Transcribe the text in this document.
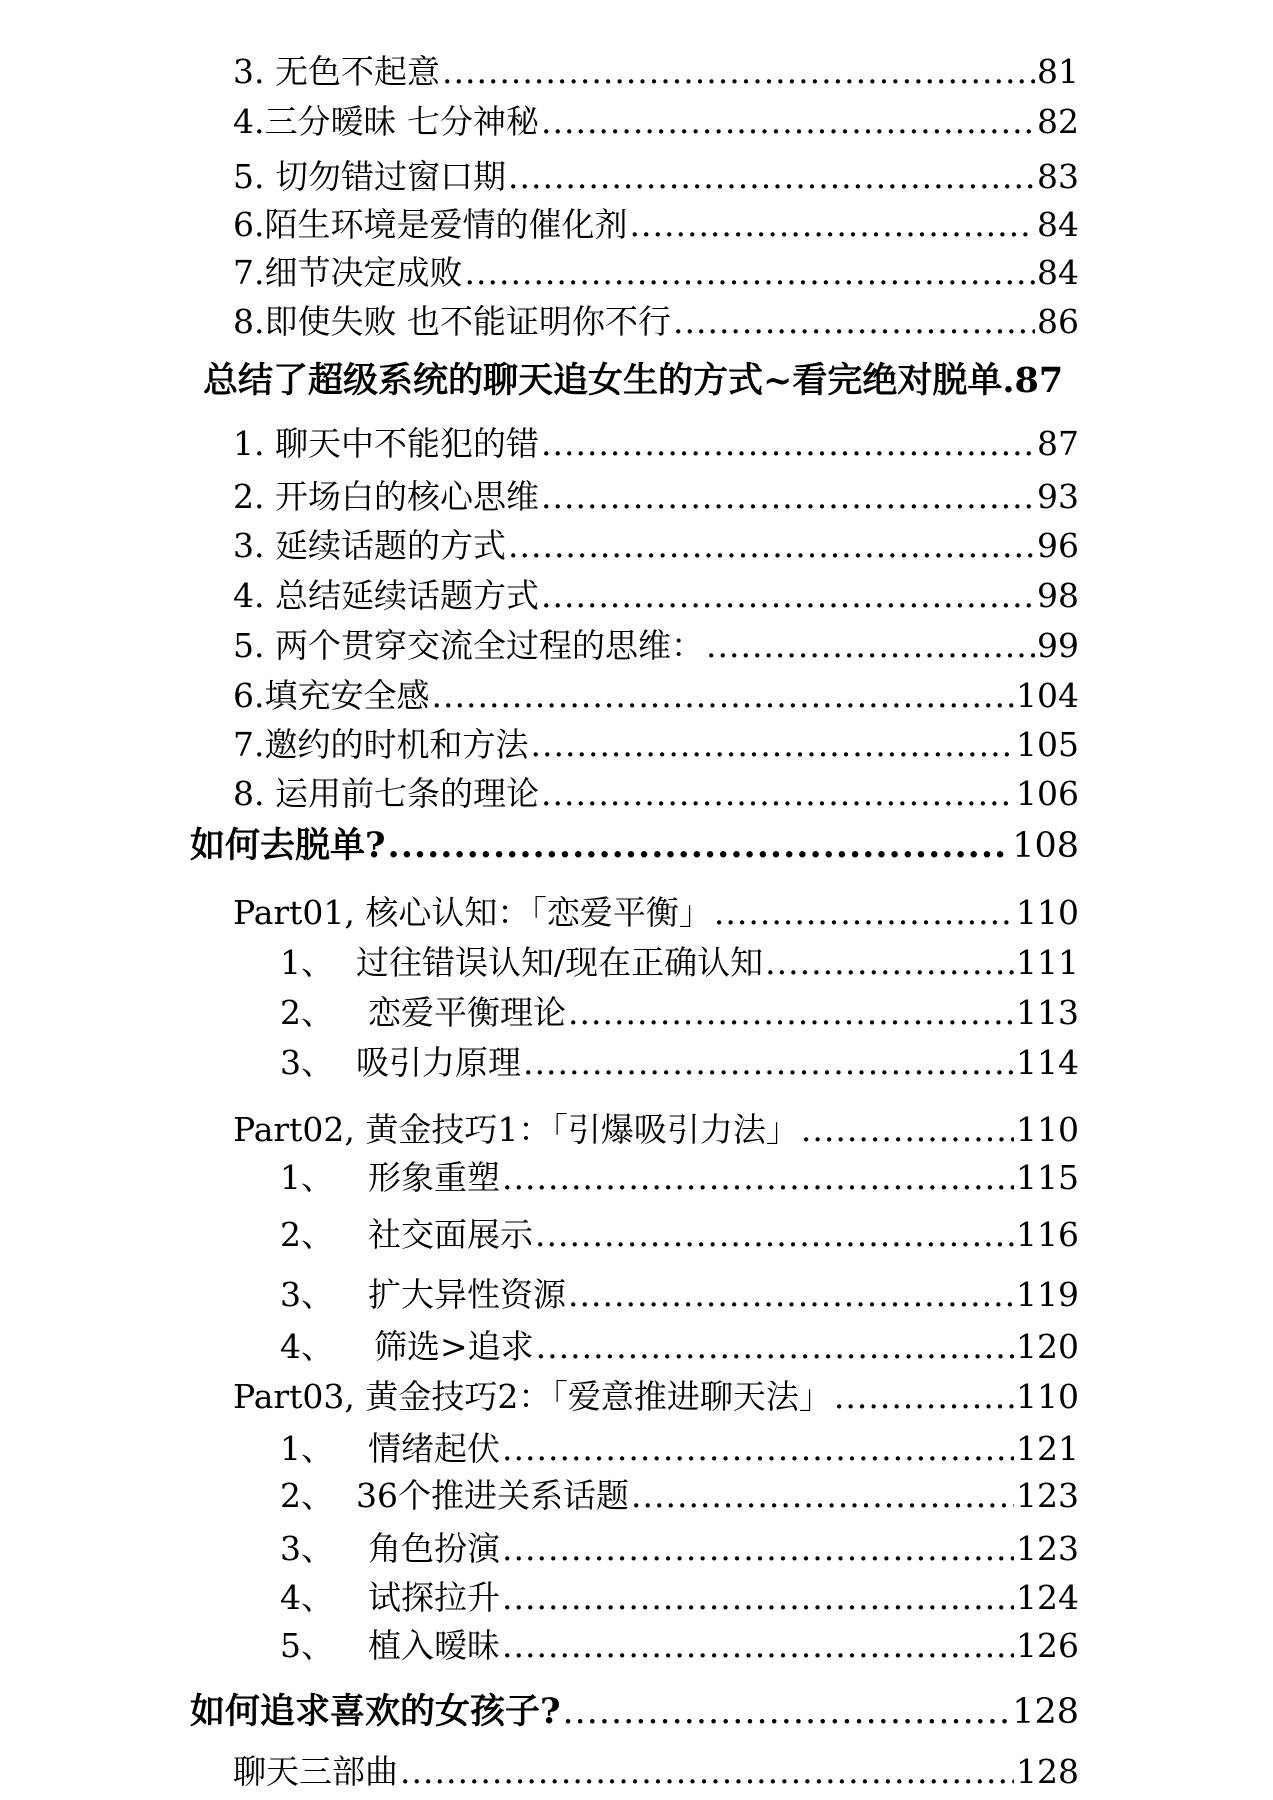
3. 无色不起意 .....	81
4.三分暧昧 七分神秘 .....	82
5. 切勿错过窗口期 .....	83
6.陌生环境是爱情的催化剂 .....	84
7.细节决定成败 .....	84
8.即使失败 也不能证明你不行 .....	86
总结了超级系统的聊天追女生的方式~看完绝对脱单.87
1. 聊天中不能犯的错 .....	87
2. 开场白的核心思维 .....	93
3. 延续话题的方式 .....	96
4. 总结延续话题方式 .....	98
5. 两个贯穿交流全过程的思维： .....	99
6.填充安全感 .....	104
7.邀约的时机和方法 .....	105
8. 运用前七条的理论 .....	106
如何去脱单? .....	108
Part01, 核心认知：「恋爱平衡」 .....	110
1、 过往错误认知/现在正确认知 .....	111
2、	恋爱平衡理论 .....	113
3、 吸引力原理 .....	114
Part02, 黄金技巧1：「引爆吸引力法」 .....	110
1、	形象重塑 .....	115
2、	社交面展示 .....	116
3、	扩大异性资源 .....	119
4、	筛选>追求 .....	120
Part03, 黄金技巧2：「爱意推进聊天法」 .....	110
1、	情绪起伏 .....	121
2、 36个推进关系话题 .....	123
3、	角色扮演 .....	123
4、	试探拉升 .....	124
5、	植入暧昧 .....	126
如何追求喜欢的女孩子? .....	128
聊天三部曲 .....	128
